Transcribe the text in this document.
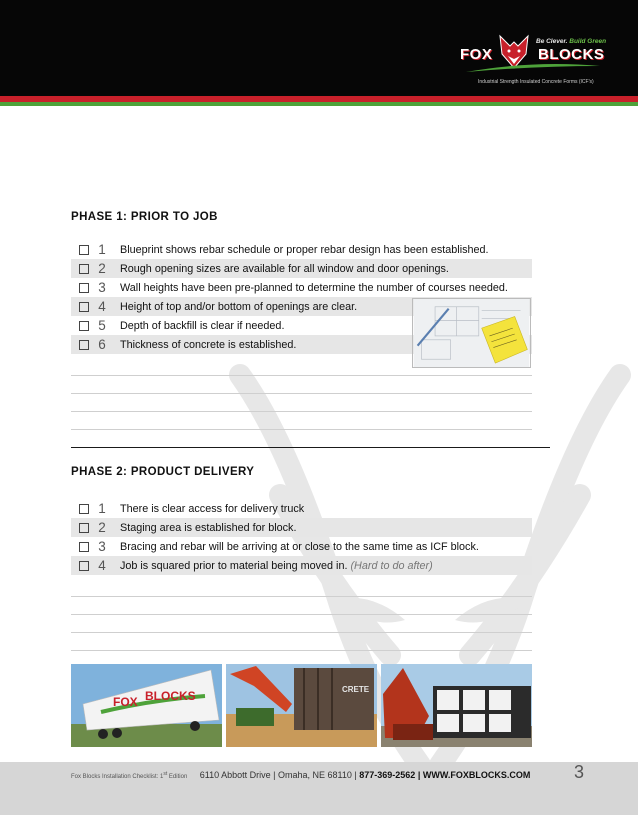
Be Clever. Build Green
FOX	BLOCKS
Industrial Strength Insulated Concrete Forms (ICF's)
PHASE 1: PRIOR TO JOB
1	Blueprint shows rebar schedule or proper rebar design has been established.
2	Rough opening sizes are available for all window and door openings.
3	Wall heights have been pre-planned to determine the number of courses needed.
4	Height of top and/or bottom of openings are clear.
5	Depth of backfill is clear if needed.
6	Thickness of concrete is established.
PHASE 2: PRODUCT DELIVERY
1	There is clear access for delivery truck
2	Staging area is established for block.
3	Bracing and rebar will be arriving at or close to the same time as ICF block.
4	Job is squared prior to material being moved in. (Hard to do after)
FOX BLOCKS	CRETE
Fox Blocks Installation Checklist: 1st Edition 6110 Abbott Drive | Omaha, NE 68110 | 877-369-2562 | WWW.FOXBLOCKS.COM 3
